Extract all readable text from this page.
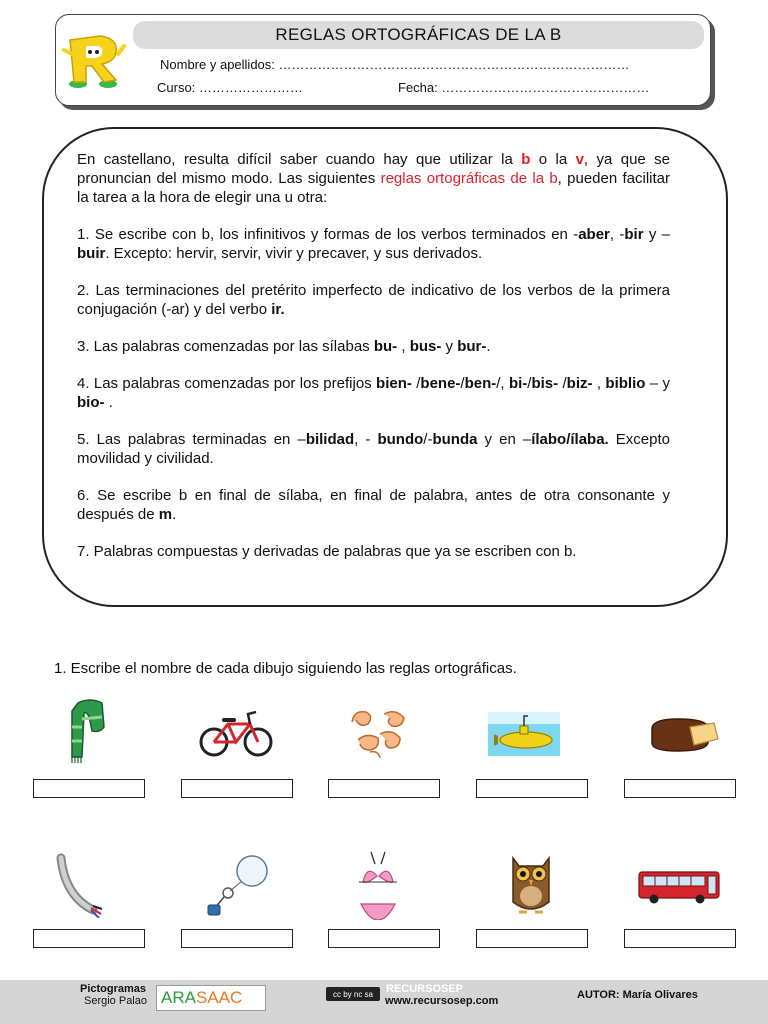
REGLAS ORTOGRÁFICAS DE LA B
R
Nombre y apellidos: ………………………………………………………………………
Curso: ……………………	Fecha: …………………………………………

En castellano, resulta difícil saber cuando hay que utilizar la b o la v, ya que se pronuncian del mismo modo. Las siguientes reglas ortográficas de la b, pueden facilitar la tarea a la hora de elegir una u otra:

1. Se escribe con b, los infinitivos y formas de los verbos terminados en -aber, -bir y – buir. Excepto: hervir, servir, vivir y precaver, y sus derivados.

2. Las terminaciones del pretérito imperfecto de indicativo de los verbos de la primera conjugación (-ar) y del verbo ir.

3. Las palabras comenzadas por las sílabas bu- , bus- y bur-.

4. Las palabras comenzadas por los prefijos bien- /bene-/ben-/, bi-/bis- /biz- , biblio – y bio- .

5. Las palabras terminadas en –bilidad, - bundo/-bunda y en –ílabo/ílaba. Excepto movilidad y civilidad.

6. Se escribe b en final de sílaba, en final de palabra, antes de otra consonante y después de m.

7. Palabras compuestas y derivadas de palabras que ya se escriben con b.

1. Escribe el nombre de cada dibujo siguiendo las reglas ortográficas.
Pictogramas
Sergio Palao ARA SAAC	cc by nc sa	RECURSOSEP
www.recursosep.com	AUTOR: María Olivares
